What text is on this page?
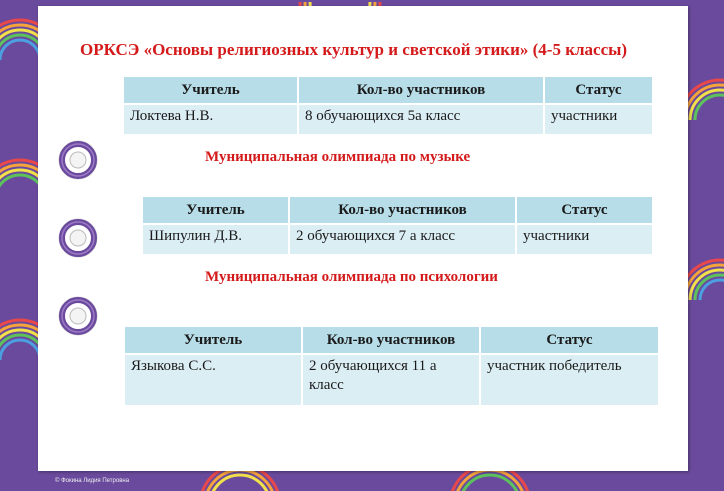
ОРКСЭ «Основы религиозных культур и светской этики» (4-5 классы)
Учитель	Кол-во участников	Статус
Локтева Н.В.	8 обучающихся 5а класс	участники
Муниципальная олимпиада по музыке
Учитель	Кол-во участников	Статус
Шипулин Д.В.	2 обучающихся 7 а класс	участники
Муниципальная олимпиада по психологии
Учитель	Кол-во участников	Статус
Языкова С.С.	2 обучающихся 11 а класс	участник победитель
© Фокина Лидия Петровна
